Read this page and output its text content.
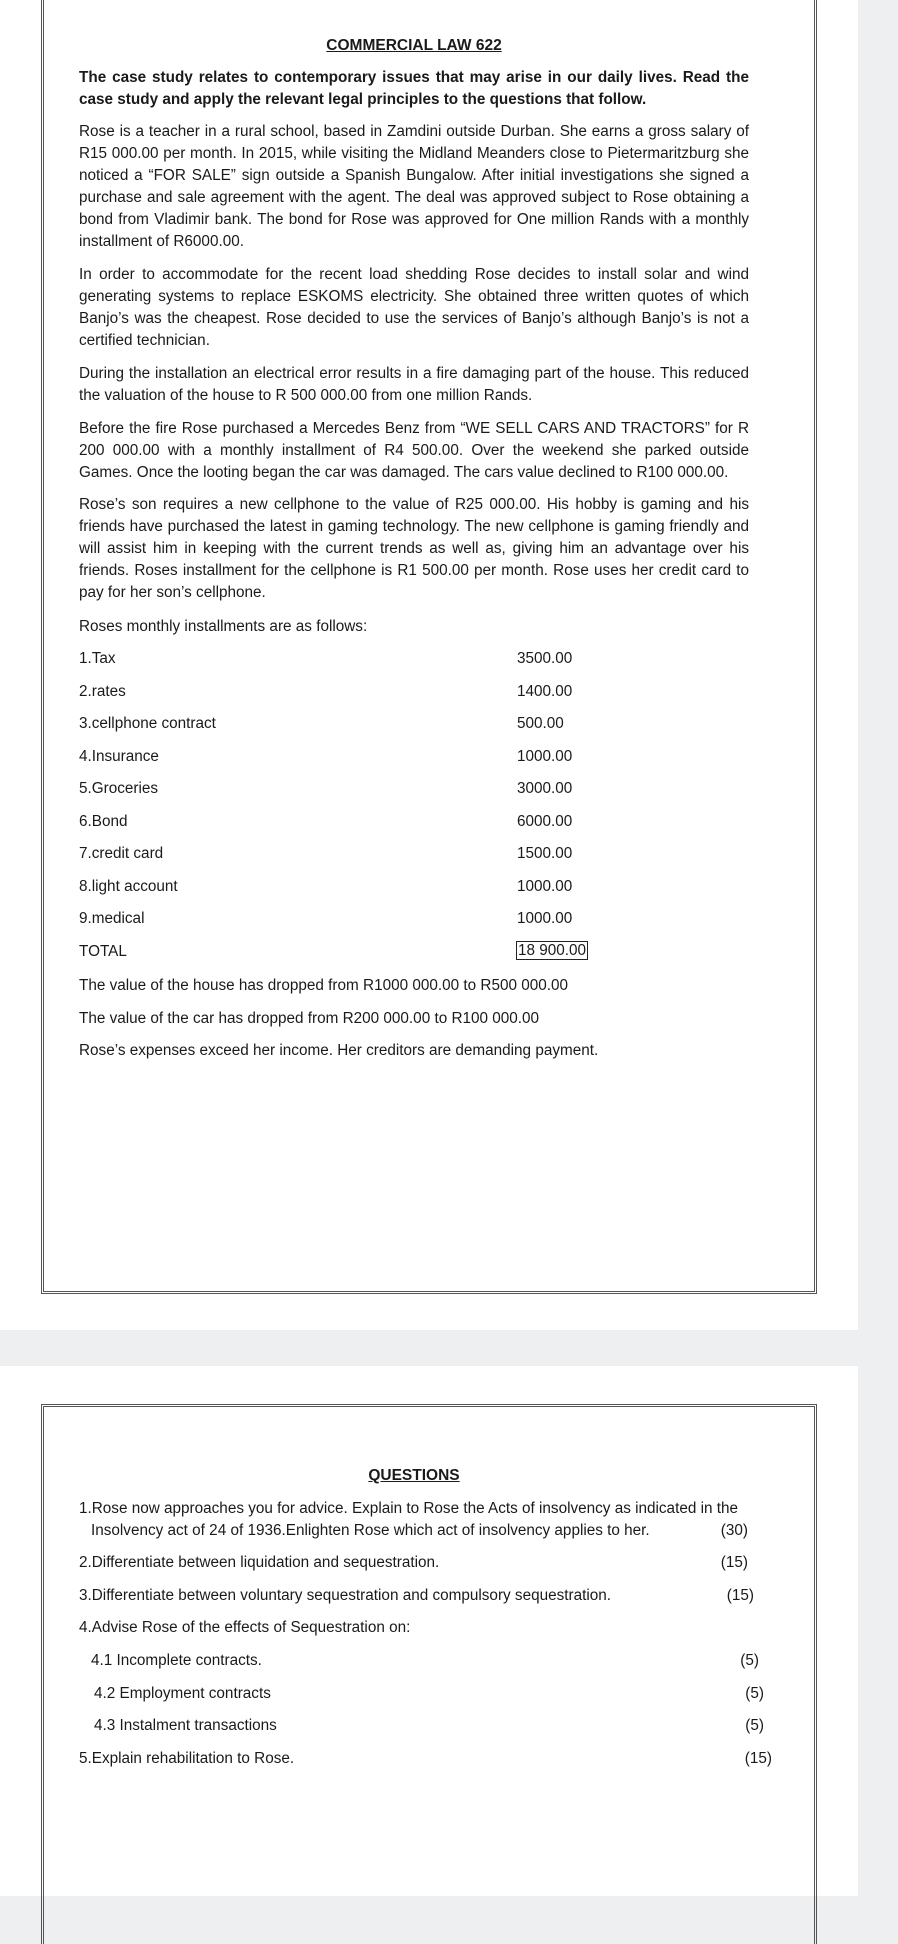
COMMERCIAL LAW 622
The case study relates to contemporary issues that may arise in our daily lives. Read the case study and apply the relevant legal principles to the questions that follow.
Rose is a teacher in a rural school, based in Zamdini outside Durban. She earns a gross salary of R15 000.00 per month. In 2015, while visiting the Midland Meanders close to Pietermaritzburg she noticed a “FOR SALE” sign outside a Spanish Bungalow. After initial investigations she signed a purchase and sale agreement with the agent. The deal was approved subject to Rose obtaining a bond from Vladimir bank. The bond for Rose was approved for One million Rands with a monthly installment of R6000.00.
In order to accommodate for the recent load shedding Rose decides to install solar and wind generating systems to replace ESKOMS electricity. She obtained three written quotes of which Banjo’s was the cheapest. Rose decided to use the services of Banjo’s although Banjo’s is not a certified technician.
During the installation an electrical error results in a fire damaging part of the house. This reduced the valuation of the house to R 500 000.00 from one million Rands.
Before the fire Rose purchased a Mercedes Benz from “WE SELL CARS AND TRACTORS” for R 200 000.00 with a monthly installment of R4 500.00. Over the weekend she parked outside Games. Once the looting began the car was damaged. The cars value declined to R100 000.00.
Rose’s son requires a new cellphone to the value of R25 000.00. His hobby is gaming and his friends have purchased the latest in gaming technology. The new cellphone is gaming friendly and will assist him in keeping with the current trends as well as, giving him an advantage over his friends. Roses installment for the cellphone is R1 500.00 per month. Rose uses her credit card to pay for her son’s cellphone.
Roses monthly installments are as follows:
1.Tax	3500.00
2.rates	1400.00
3.cellphone contract	500.00
4.Insurance	1000.00
5.Groceries	3000.00
6.Bond	6000.00
7.credit card	1500.00
8.light account	1000.00
9.medical	1000.00
TOTAL	18 900.00
The value of the house has dropped from R1000 000.00 to R500 000.00
The value of the car has dropped from R200 000.00 to R100 000.00
Rose’s expenses exceed her income. Her creditors are demanding payment.
QUESTIONS
1.Rose now approaches you for advice. Explain to Rose the Acts of insolvency as indicated in the
Insolvency act of 24 of 1936.Enlighten Rose which act of insolvency applies to her.	(30)
2.Differentiate between liquidation and sequestration.	(15)
3.Differentiate between voluntary sequestration and compulsory sequestration.	(15)
4.Advise Rose of the effects of Sequestration on:
4.1 Incomplete contracts.	(5)
4.2 Employment contracts	(5)
4.3 Instalment transactions	(5)
5.Explain rehabilitation to Rose.	(15)
